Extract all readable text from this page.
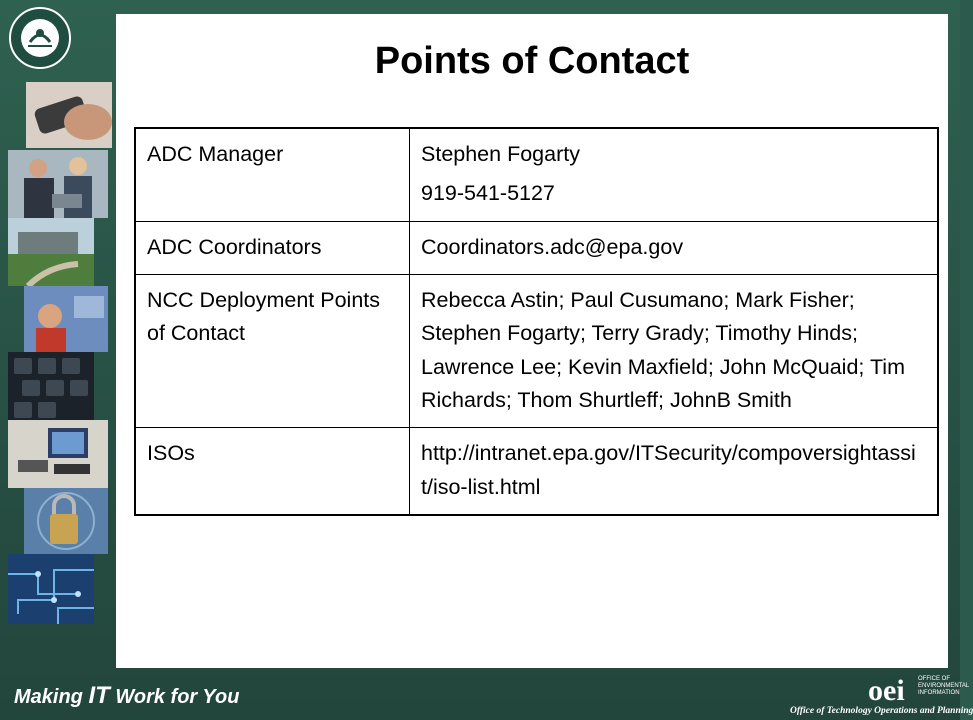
Points of Contact
ADC Manager	Stephen Fogarty
919-541-5127

ADC Coordinators	Coordinators.adc@epa.gov
NCC Deployment Points of Contact	Rebecca Astin; Paul Cusumano; Mark Fisher; Stephen Fogarty; Terry Grady; Timothy Hinds; Lawrence Lee; Kevin Maxfield; John McQuaid; Tim Richards; Thom Shurtleff; JohnB Smith
ISOs	http://intranet.epa.gov/ITSecurity/compoversightassit/iso-list.html
Making IT Work for You	oei OFFICE OF ENVIRONMENTAL INFORMATION
Office of Technology Operations and Planning
